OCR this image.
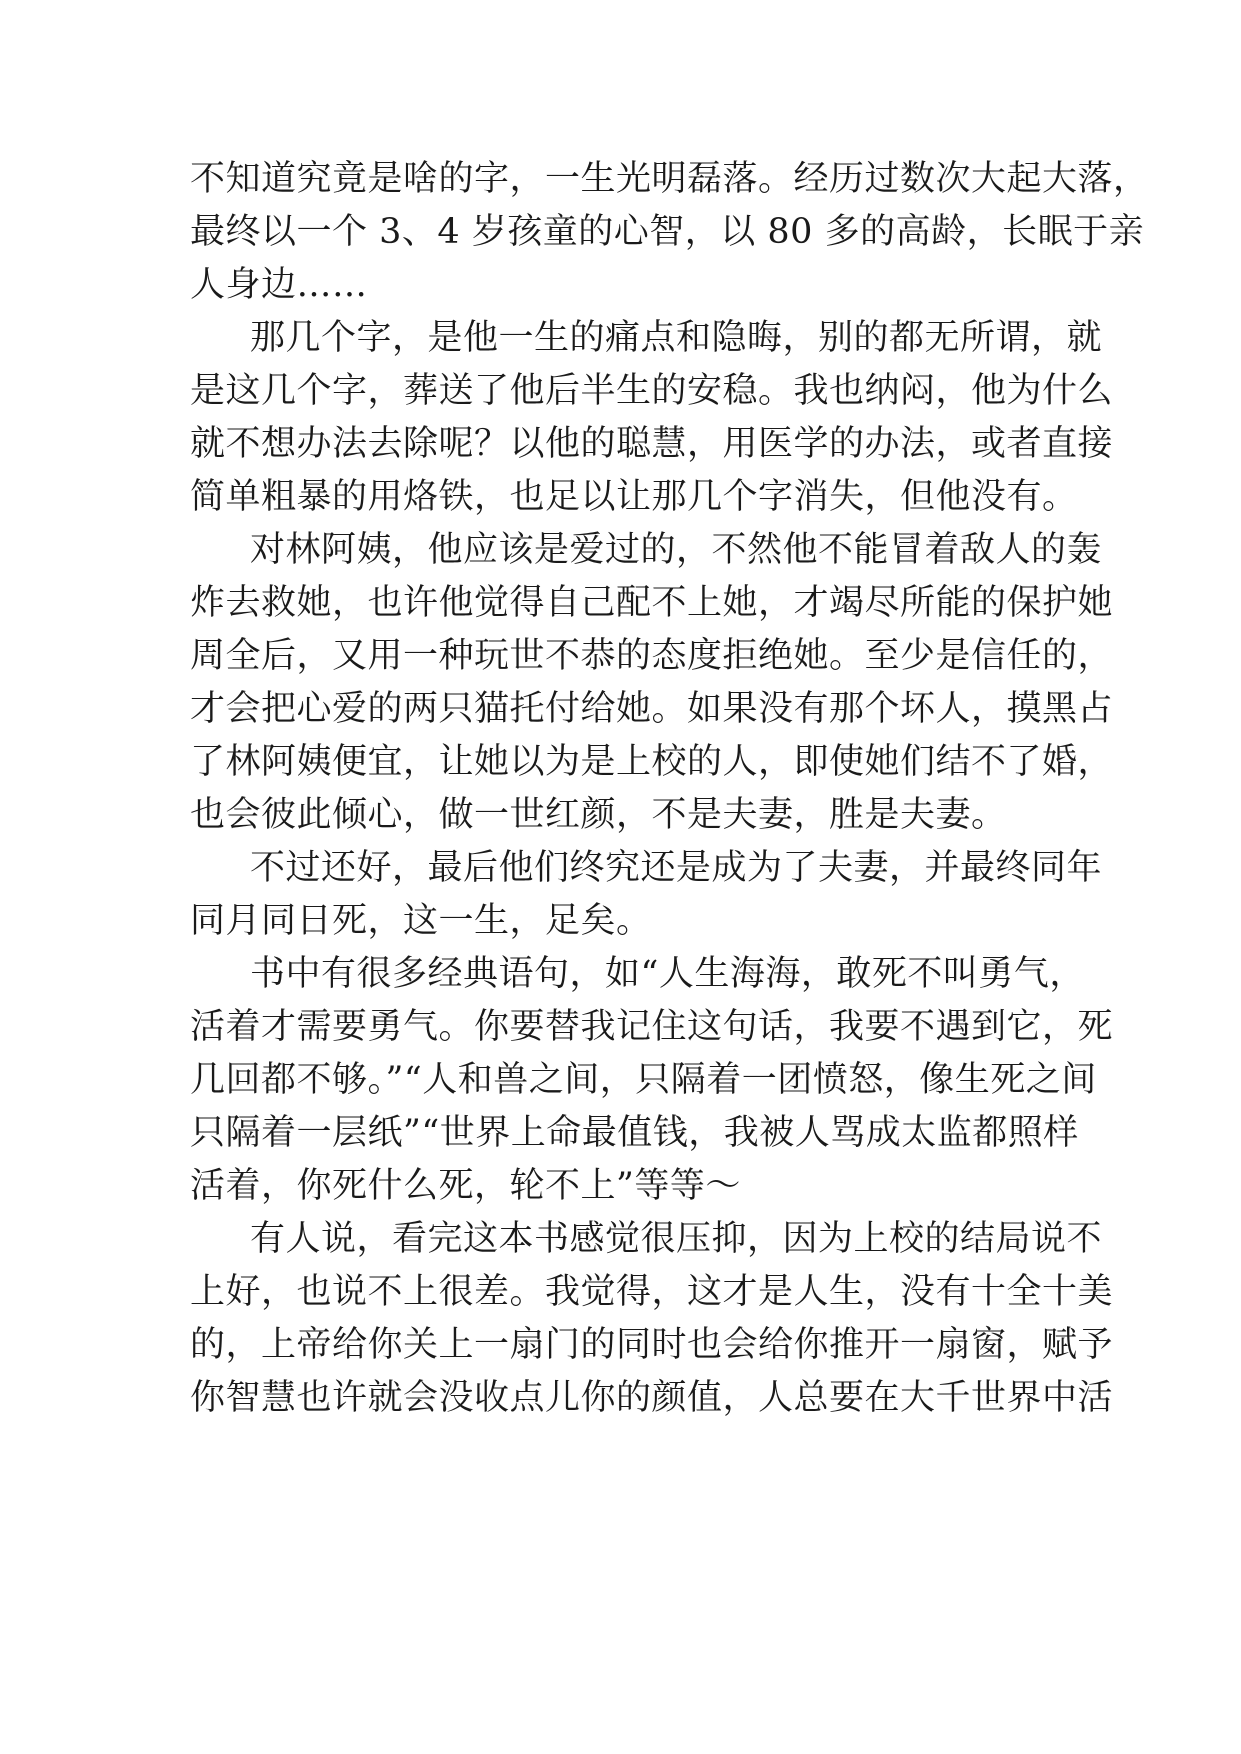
不知道究竟是啥的字，一生光明磊落。经历过数次大起大落，
最终以一个 3、4 岁孩童的心智，以 80 多的高龄，长眠于亲
人身边……

那几个字，是他一生的痛点和隐晦，别的都无所谓，就
是这几个字，葬送了他后半生的安稳。我也纳闷，他为什么
就不想办法去除呢？以他的聪慧，用医学的办法，或者直接
简单粗暴的用烙铁，也足以让那几个字消失，但他没有。

对林阿姨，他应该是爱过的，不然他不能冒着敌人的轰
炸去救她，也许他觉得自己配不上她，才竭尽所能的保护她
周全后，又用一种玩世不恭的态度拒绝她。至少是信任的，
才会把心爱的两只猫托付给她。如果没有那个坏人，摸黑占
了林阿姨便宜，让她以为是上校的人，即使她们结不了婚，
也会彼此倾心，做一世红颜，不是夫妻，胜是夫妻。

不过还好，最后他们终究还是成为了夫妻，并最终同年
同月同日死，这一生，足矣。

书中有很多经典语句，如“人生海海，敢死不叫勇气，
活着才需要勇气。你要替我记住这句话，我要不遇到它，死
几回都不够。”“人和兽之间，只隔着一团愤怒，像生死之间
只隔着一层纸”“世界上命最值钱，我被人骂成太监都照样
活着，你死什么死，轮不上”等等～

有人说，看完这本书感觉很压抑，因为上校的结局说不
上好，也说不上很差。我觉得，这才是人生，没有十全十美
的，上帝给你关上一扇门的同时也会给你推开一扇窗，赋予
你智慧也许就会没收点儿你的颜值，人总要在大千世界中活
